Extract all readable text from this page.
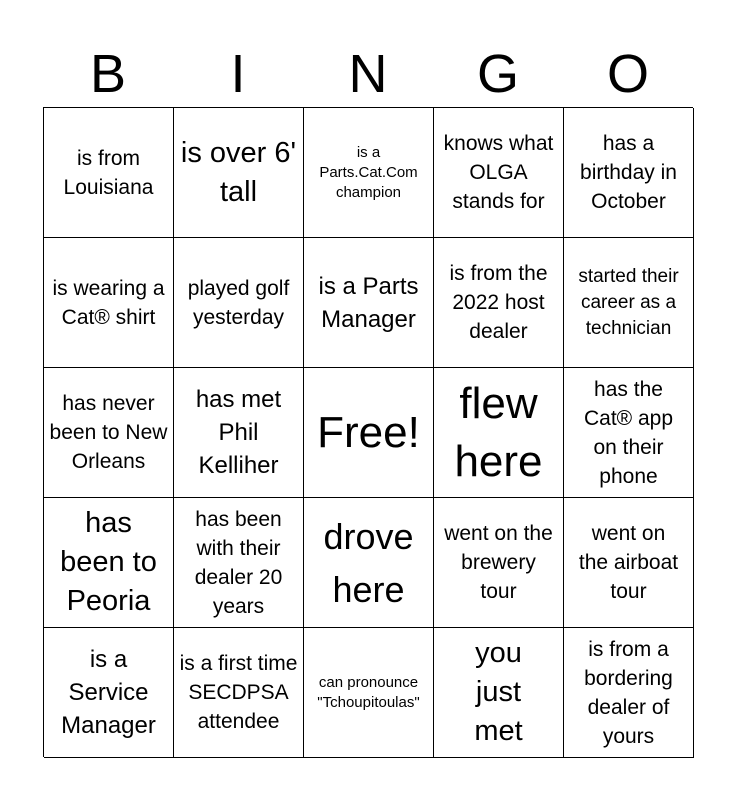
B	I	N	G	O
is from Louisiana
is over 6' tall
is a Parts.Cat.Com champion
knows what OLGA stands for
has a birthday in October
is wearing a Cat® shirt
played golf yesterday
is a Parts Manager
is from the 2022 host dealer
started their career as a technician
has never been to New Orleans
has met Phil Kelliher
Free!
flew here
has the Cat® app on their phone
has been to Peoria
has been with their dealer 20 years
drove here
went on the brewery tour
went on the airboat tour
is a Service Manager
is a first time SECDPSA attendee
can pronounce "Tchoupitoulas"
you just met
is from a bordering dealer of yours
